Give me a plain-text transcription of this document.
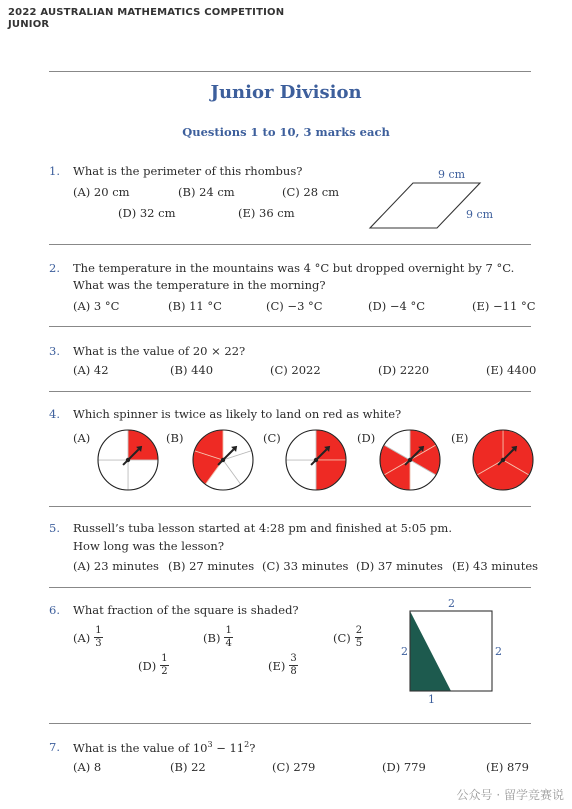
2022 AUSTRALIAN MATHEMATICS COMPETITION
JUNIOR
Junior Division
Questions 1 to 10, 3 marks each
1. What is the perimeter of this rhombus?
(A) 20 cm	(B) 24 cm	(C) 28 cm
(D) 32 cm	(E) 36 cm
9 cm
9 cm
2. The temperature in the mountains was 4 °C but dropped overnight by 7 °C.
What was the temperature in the morning?
(A) 3 °C	(B) 11 °C	(C) −3 °C	(D) −4 °C	(E) −11 °C
3. What is the value of 20 × 22?
(A) 42	(B) 440	(C) 2022	(D) 2220	(E) 4400
4. Which spinner is twice as likely to land on red as white?
(A)	(B)	(C)	(D)	(E)
5. Russell’s tuba lesson started at 4:28 pm and finished at 5:05 pm.
How long was the lesson?
(A) 23 minutes (B) 27 minutes (C) 33 minutes (D) 37 minutes (E) 43 minutes
6. What fraction of the square is shaded?
$(A) \frac{1}{3}$	$(B) \frac{1}{4}$	$(C) \frac{2}{5}$
$(D) \frac{1}{2}$	$(E) \frac{3}{8}$
2
2	2
1
7. What is the value of $10^3 - 11^2$?
(A) 8	(B) 22	(C) 279	(D) 779	(E) 879
公众号 · 留学竞赛说
